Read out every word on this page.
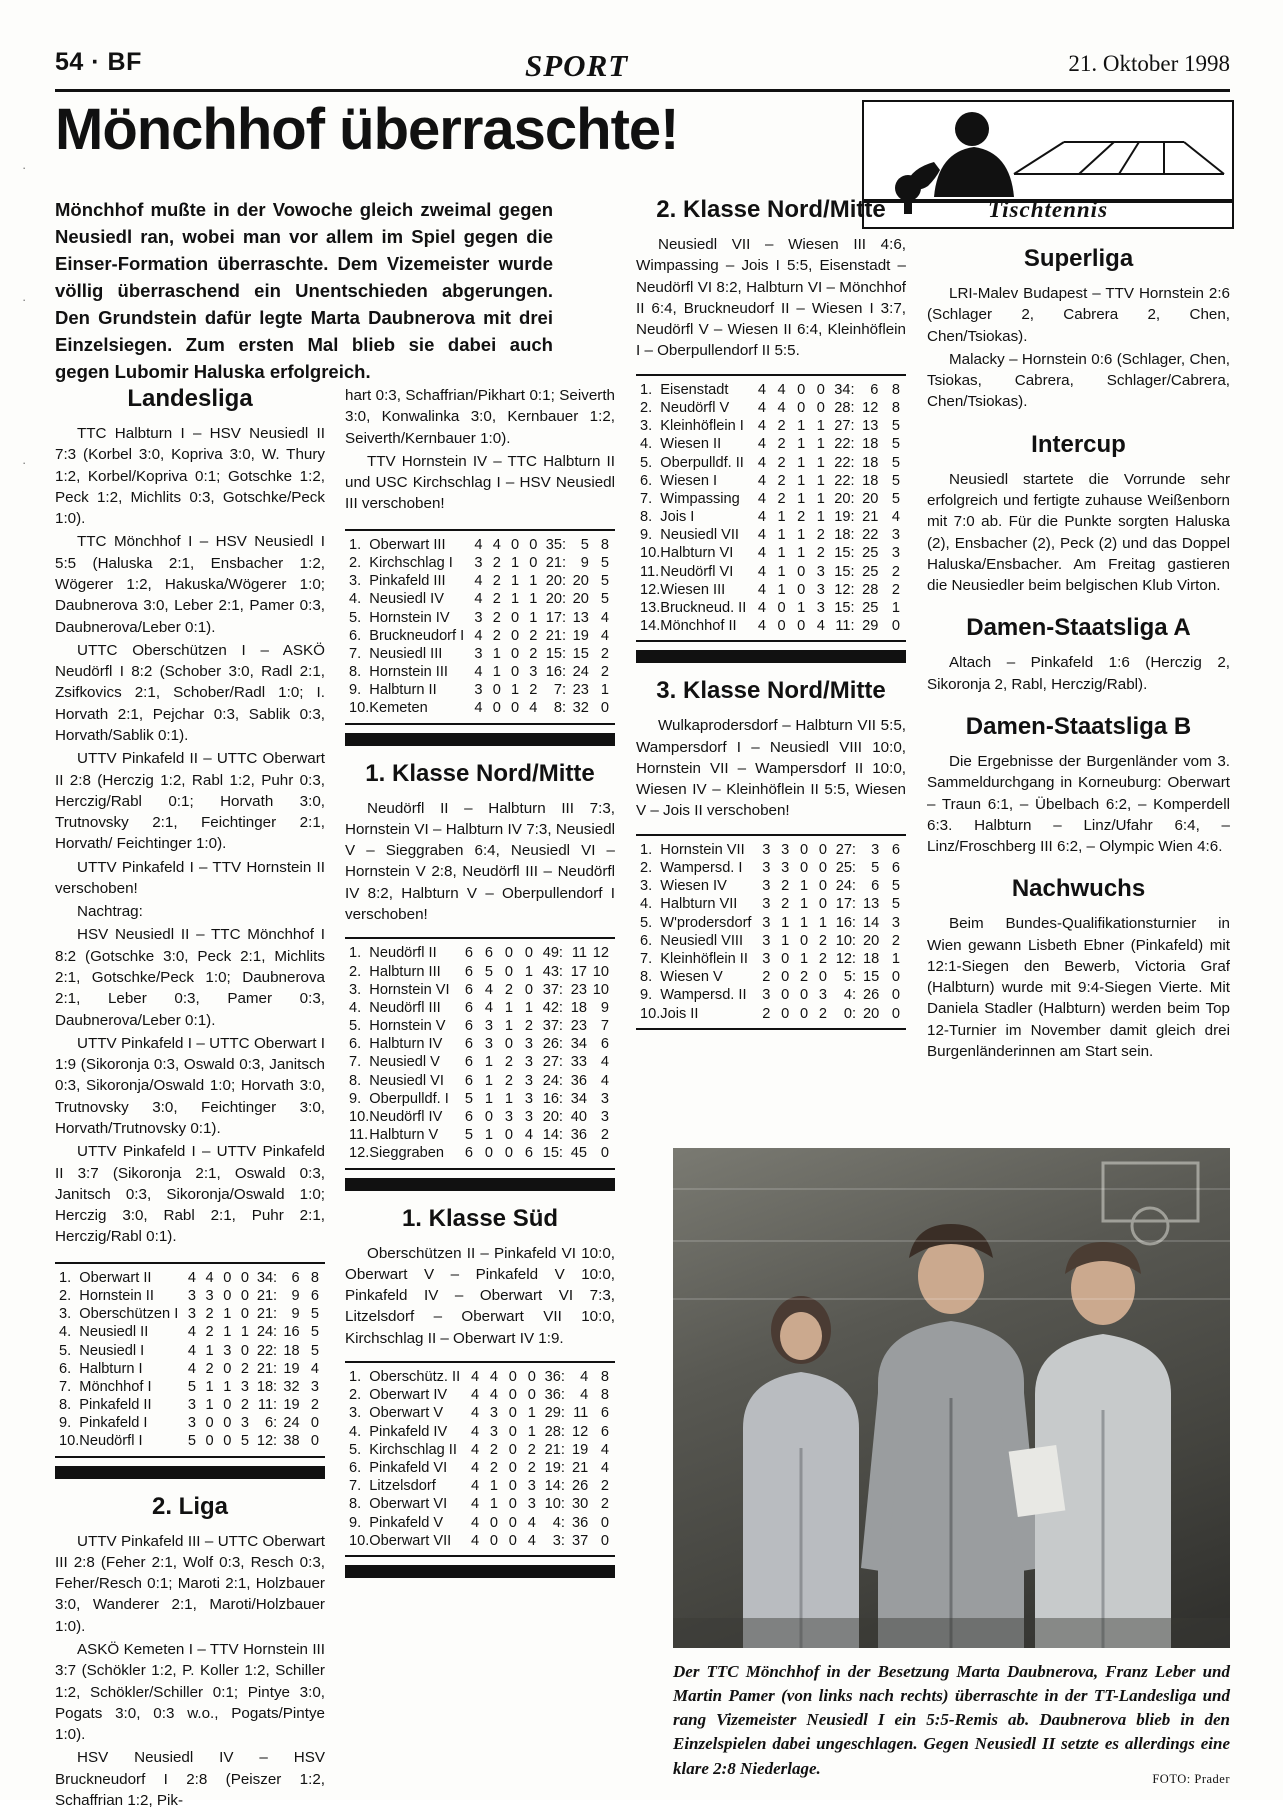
54 · BF	SPORT	21. Oktober 1998
·
·
·
Mönchhof überraschte!
Tischtennis
Mönchhof mußte in der Vowoche gleich zweimal gegen Neusiedl ran, wobei man vor allem im Spiel gegen die Einser-Formation überraschte. Dem Vizemeister wurde völlig überraschend ein Unentschieden abgerungen. Den Grundstein dafür legte Marta Daubnerova mit drei Einzelsiegen. Zum ersten Mal blieb sie dabei auch gegen Lubomir Haluska erfolgreich.
Landesliga

TTC Halbturn I – HSV Neusiedl II 7:3 (Korbel 3:0, Kopriva 3:0, W. Thury 1:2, Korbel/Kopriva 0:1; Gotschke 1:2, Peck 1:2, Michlits 0:3, Gotschke/Peck 1:0).

TTC Mönchhof I – HSV Neusiedl I 5:5 (Haluska 2:1, Ensbacher 1:2, Wögerer 1:2, Hakuska/Wögerer 1:0; Daubnerova 3:0, Leber 2:1, Pamer 0:3, Daubnerova/Leber 0:1).

UTTC Oberschützen I – ASKÖ Neudörfl I 8:2 (Schober 3:0, Radl 2:1, Zsifkovics 2:1, Schober/Radl 1:0; I. Horvath 2:1, Pejchar 0:3, Sablik 0:3, Horvath/Sablik 0:1).

UTTV Pinkafeld II – UTTC Oberwart II 2:8 (Herczig 1:2, Rabl 1:2, Puhr 0:3, Herczig/Rabl 0:1; Horvath 3:0, Trutnovsky 2:1, Feichtinger 2:1, Horvath/ Feichtinger 1:0).

UTTV Pinkafeld I – TTV Hornstein II verschoben!

Nachtrag:

HSV Neusiedl II – TTC Mönchhof I 8:2 (Gotschke 3:0, Peck 2:1, Michlits 2:1, Gotschke/Peck 1:0; Daubnerova 2:1, Leber 0:3, Pamer 0:3, Daubnerova/Leber 0:1).

UTTV Pinkafeld I – UTTC Oberwart I 1:9 (Sikoronja 0:3, Oswald 0:3, Janitsch 0:3, Sikoronja/Oswald 1:0; Horvath 3:0, Trutnovsky 3:0, Feichtinger 3:0, Horvath/Trutnovsky 0:1).

UTTV Pinkafeld I – UTTV Pinkafeld II 3:7 (Sikoronja 2:1, Oswald 0:3, Janitsch 0:3, Sikoronja/Oswald 1:0; Herczig 3:0, Rabl 2:1, Puhr 2:1, Herczig/Rabl 0:1).

1.	Oberwart II	4	4	0	0	34:	6	8
2.	Hornstein II	3	3	0	0	21:	9	6
3.	Oberschützen I	3	2	1	0	21:	9	5
4.	Neusiedl II	4	2	1	1	24:	16	5
5.	Neusiedl I	4	1	3	0	22:	18	5
6.	Halbturn I	4	2	0	2	21:	19	4
7.	Mönchhof I	5	1	1	3	18:	32	3
8.	Pinkafeld II	3	1	0	2	11:	19	2
9.	Pinkafeld I	3	0	0	3	6:	24	0
10.	Neudörfl I	5	0	0	5	12:	38	0
2. Liga

UTTV Pinkafeld III – UTTC Oberwart III 2:8 (Feher 2:1, Wolf 0:3, Resch 0:3, Feher/Resch 0:1; Maroti 2:1, Holzbauer 3:0, Wanderer 2:1, Maroti/Holzbauer 1:0).

ASKÖ Kemeten I – TTV Hornstein III 3:7 (Schökler 1:2, P. Koller 1:2, Schiller 1:2, Schökler/Schiller 0:1; Pintye 3:0, Pogats 3:0, 0:3 w.o., Pogats/Pintye 1:0).

HSV Neusiedl IV – HSV Bruckneudorf I 2:8 (Peiszer 1:2, Schaffrian 1:2, Pik-

hart 0:3, Schaffrian/Pikhart 0:1; Seiverth 3:0, Konwalinka 3:0, Kernbauer 1:2, Seiverth/Kernbauer 1:0).

TTV Hornstein IV – TTC Halbturn II und USC Kirchschlag I – HSV Neusiedl III verschoben!

1.	Oberwart III	4	4	0	0	35:	5	8
2.	Kirchschlag I	3	2	1	0	21:	9	5
3.	Pinkafeld III	4	2	1	1	20:	20	5
4.	Neusiedl IV	4	2	1	1	20:	20	5
5.	Hornstein IV	3	2	0	1	17:	13	4
6.	Bruckneudorf I	4	2	0	2	21:	19	4
7.	Neusiedl III	3	1	0	2	15:	15	2
8.	Hornstein III	4	1	0	3	16:	24	2
9.	Halbturn II	3	0	1	2	7:	23	1
10.	Kemeten	4	0	0	4	8:	32	0
1. Klasse Nord/Mitte

Neudörfl II – Halbturn III 7:3, Hornstein VI – Halbturn IV 7:3, Neusiedl V – Sieggraben 6:4, Neusiedl VI – Hornstein V 2:8, Neudörfl III – Neudörfl IV 8:2, Halbturn V – Oberpullendorf I verschoben!

1.	Neudörfl II	6	6	0	0	49:	11	12
2.	Halbturn III	6	5	0	1	43:	17	10
3.	Hornstein VI	6	4	2	0	37:	23	10
4.	Neudörfl III	6	4	1	1	42:	18	9
5.	Hornstein V	6	3	1	2	37:	23	7
6.	Halbturn IV	6	3	0	3	26:	34	6
7.	Neusiedl V	6	1	2	3	27:	33	4
8.	Neusiedl VI	6	1	2	3	24:	36	4
9.	Oberpulldf. I	5	1	1	3	16:	34	3
10.	Neudörfl IV	6	0	3	3	20:	40	3
11.	Halbturn V	5	1	0	4	14:	36	2
12.	Sieggraben	6	0	0	6	15:	45	0
1. Klasse Süd

Oberschützen II – Pinkafeld VI 10:0, Oberwart V – Pinkafeld V 10:0, Pinkafeld IV – Oberwart VI 7:3, Litzelsdorf – Oberwart VII 10:0, Kirchschlag II – Oberwart IV 1:9.

1.	Oberschütz. II	4	4	0	0	36:	4	8
2.	Oberwart IV	4	4	0	0	36:	4	8
3.	Oberwart V	4	3	0	1	29:	11	6
4.	Pinkafeld IV	4	3	0	1	28:	12	6
5.	Kirchschlag II	4	2	0	2	21:	19	4
6.	Pinkafeld VI	4	2	0	2	19:	21	4
7.	Litzelsdorf	4	1	0	3	14:	26	2
8.	Oberwart VI	4	1	0	3	10:	30	2
9.	Pinkafeld V	4	0	0	4	4:	36	0
10.	Oberwart VII	4	0	0	4	3:	37	0
2. Klasse Nord/Mitte

Neusiedl VII – Wiesen III 4:6, Wimpassing – Jois I 5:5, Eisenstadt – Neudörfl VI 8:2, Halbturn VI – Mönchhof II 6:4, Bruckneudorf II – Wiesen I 3:7, Neudörfl V – Wiesen II 6:4, Kleinhöflein I – Oberpullendorf II 5:5.

1.	Eisenstadt	4	4	0	0	34:	6	8
2.	Neudörfl V	4	4	0	0	28:	12	8
3.	Kleinhöflein I	4	2	1	1	27:	13	5
4.	Wiesen II	4	2	1	1	22:	18	5
5.	Oberpulldf. II	4	2	1	1	22:	18	5
6.	Wiesen I	4	2	1	1	22:	18	5
7.	Wimpassing	4	2	1	1	20:	20	5
8.	Jois I	4	1	2	1	19:	21	4
9.	Neusiedl VII	4	1	1	2	18:	22	3
10.	Halbturn VI	4	1	1	2	15:	25	3
11.	Neudörfl VI	4	1	0	3	15:	25	2
12.	Wiesen III	4	1	0	3	12:	28	2
13.	Bruckneud. II	4	0	1	3	15:	25	1
14.	Mönchhof II	4	0	0	4	11:	29	0
3. Klasse Nord/Mitte

Wulkaprodersdorf – Halbturn VII 5:5, Wampersdorf I – Neusiedl VIII 10:0, Hornstein VII – Wampersdorf II 10:0, Wiesen IV – Kleinhöflein II 5:5, Wiesen V – Jois II verschoben!

1.	Hornstein VII	3	3	0	0	27:	3	6
2.	Wampersd. I	3	3	0	0	25:	5	6
3.	Wiesen IV	3	2	1	0	24:	6	5
4.	Halbturn VII	3	2	1	0	17:	13	5
5.	W'prodersdorf	3	1	1	1	16:	14	3
6.	Neusiedl VIII	3	1	0	2	10:	20	2
7.	Kleinhöflein II	3	0	1	2	12:	18	1
8.	Wiesen V	2	0	2	0	5:	15	0
9.	Wampersd. II	3	0	0	3	4:	26	0
10.	Jois II	2	0	0	2	0:	20	0
Superliga

LRI-Malev Budapest – TTV Hornstein 2:6 (Schlager 2, Cabrera 2, Chen, Chen/Tsiokas).

Malacky – Hornstein 0:6 (Schlager, Chen, Tsiokas, Cabrera, Schlager/Cabrera, Chen/Tsiokas).

Intercup

Neusiedl startete die Vorrunde sehr erfolgreich und fertigte zuhause Weißenborn mit 7:0 ab. Für die Punkte sorgten Haluska (2), Ensbacher (2), Peck (2) und das Doppel Haluska/Ensbacher. Am Freitag gastieren die Neusiedler beim belgischen Klub Virton.

Damen-Staatsliga A

Altach – Pinkafeld 1:6 (Herczig 2, Sikoronja 2, Rabl, Herczig/Rabl).

Damen-Staatsliga B

Die Ergebnisse der Burgenländer vom 3. Sammeldurchgang in Korneuburg: Oberwart – Traun 6:1, – Übelbach 6:2, – Komperdell 6:3. Halbturn – Linz/Ufahr 6:4, – Linz/Froschberg III 6:2, – Olympic Wien 4:6.

Nachwuchs

Beim Bundes-Qualifikationsturnier in Wien gewann Lisbeth Ebner (Pinkafeld) mit 12:1-Siegen den Bewerb, Victoria Graf (Halbturn) wurde mit 9:4-Siegen Vierte. Mit Daniela Stadler (Halbturn) werden beim Top 12-Turnier im November damit gleich drei Burgenländerinnen am Start sein.

Der TTC Mönchhof in der Besetzung Marta Daubnerova, Franz Leber und Martin Pamer (von links nach rechts) überraschte in der TT-Landesliga und rang Vizemeister Neusiedl I ein 5:5-Remis ab. Daubnerova blieb in den Einzelspielen dabei ungeschlagen. Gegen Neusiedl II setzte es allerdings eine klare 2:8 Niederlage.
FOTO: Prader
